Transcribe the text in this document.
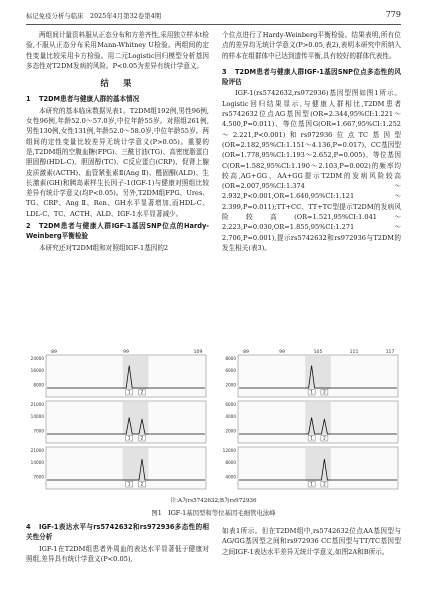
标记免疫分析与临床　2025年4月第32卷第4期	779

两组间计量资料服从正态分布和方差齐性,采用独立样本t检验,不服从正态分布采用Mann-Whitney U检验。两组间的定性变量比较采用卡方检验。用二元Logistic回归模型分析基因多态性对T2DM发病的风险。P<0.05为差异有统计学意义。

结　果
1 T2DM患者与健康人群的基本情况

本研究的基本临床数据见表1。T2DM组192例,男性96例,女性96例,年龄52.0～57.0岁,中位年龄55岁。对照组261例,男性130例,女性131例,年龄52.0～58.0岁,中位年龄55岁。两组间的定性变量比较差异无统计学意义(P>0.05)。重要的是,T2DM组的空腹血糖(FPG)、三酰甘油(TG)、高密度脂蛋白胆固醇(HDL-C)、胆固醇(TC)、C反应蛋白(CRP)、促肾上腺皮质激素(ACTH)、血管紧张素Ⅱ(Ang Ⅱ)、醛固酮(ALD)、生长激素(GH)和胰岛素样生长因子-1(IGF-1)与健康对照组比较差异有统计学意义(均P<0.05)。另外,T2DM组FPG、Ures、TG、CRP、Ang Ⅱ、Ren、GH水平显著增加,而HDL-C、LDL-C、TC、ACTH、ALD、IGF-1水平显著减少。

2 T2DM患者与健康人群IGF-1基因SNP位点的Hardy-Weinberg平衡检验

本研究还对T2DM组和对照组IGF-1基因的2

个位点进行了Hardy-Weinberg平衡检验。结果表明,所有位点的差异均无统计学意义(P>0.05,表2),表明本研究中所纳入的样本在组群体中已达到遗传平衡,具有较好的群体代表性。

3 T2DM患者与健康人群IGF-1基因SNP位点多态性的风险评估

IGF-1(rs5742632,rs972936)基因型图如图1所示。Logistic回归结果显示,与健康人群相比,T2DM患者rs5742632位点AG基因型(OR=2.344,95%CI:1.221～4.500,P=0.011)、等位基因G(OR=1.667,95%CI:1.252～2.221,P<0.001)和rs972936位点TC基因型(OR=2.182,95%CI:1.151～4.136,P=0.017)、CC基因型(OR=1.778,95%CI:1.193～2.652,P=0.005)、等位基因C(OR=1.582,95%CI:1.190～2.103,P=0.002)的频率均较高,AG+GG、AA+GG提示T2DM的发病风险较高(OR=2.007,95%CI:1.374～2.932,P<0.001,OR=1.640,95%CI:1.121～2.399,P=0.011);TT+CC、TT+TC型提示T2DM的发病风险较高(OR=1.521,95%CI:1.041～2.223,P=0.030,OR=1.855,95%CI:1.271～2.706,P=0.001),提示rs5742632和rs972936与T2DM的发生相关(表3)。

89	99	109
24000
16000
8000
1 2
21000
14000
7000
1 2
21000
14000
7000
1 2
89	99	105	111	117
8000
6000
2000
1 2
6000
4000
2000
1 2
12000
8000
4000
1 2
注:A为rs5742632;B为rs972936
图1　IGF-1基因型和等位基因毛细管电泳峰
4 IGF-1表达水平与rs5742632和rs972936多态性的相关性分析

IGF-1在T2DM组患者外周血的表达水平显著低于健康对照组,差异具有统计学意义(P<0.05),

如表1所示。但在T2DM组中,rs5742632位点AA基因型与AG/GG基因型之间和rs972936 CC基因型与TT/TC基因型之间IGF-1表达水平差异无统计学意义,如图2A和B所示。
